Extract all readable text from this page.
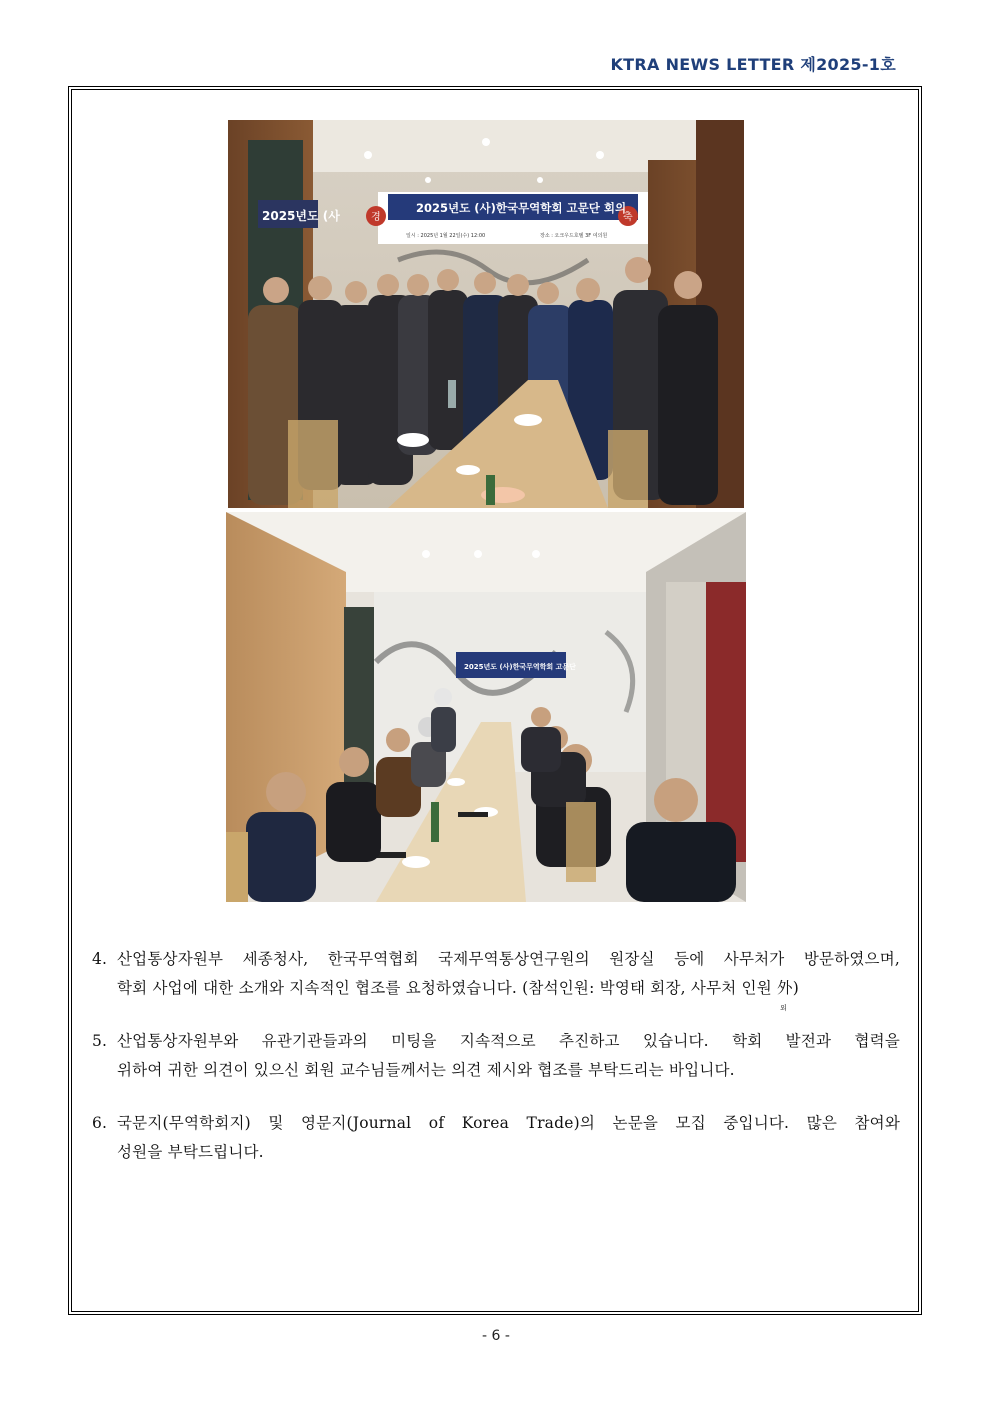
KTRA NEWS LETTER 제2025-1호
2025년도 (사	경	축
2025년도 (사)한국무역학회 고문단 회의
일시 : 2025년 1월 22일(수) 12:00	장소 : 오크우드호텔 3F 여의원
2025년도 (사)한국무역학회 고문단
4. 산업통상자원부 세종청사, 한국무역협회 국제무역통상연구원의 원장실 등에 사무처가 방문하였으며,
학회 사업에 대한 소개와 지속적인 협조를 요청하였습니다. (참석인원: 박영태 회장, 사무처 인원 外
외
)
5. 산업통상자원부와 유관기관들과의 미팅을 지속적으로 추진하고 있습니다. 학회 발전과 협력을
위하여 귀한 의견이 있으신 회원 교수님들께서는 의견 제시와 협조를 부탁드리는 바입니다.
6. 국문지(무역학회지) 및 영문지(Journal of Korea Trade)의 논문을 모집 중입니다. 많은 참여와
성원을 부탁드립니다.
- 6 -
